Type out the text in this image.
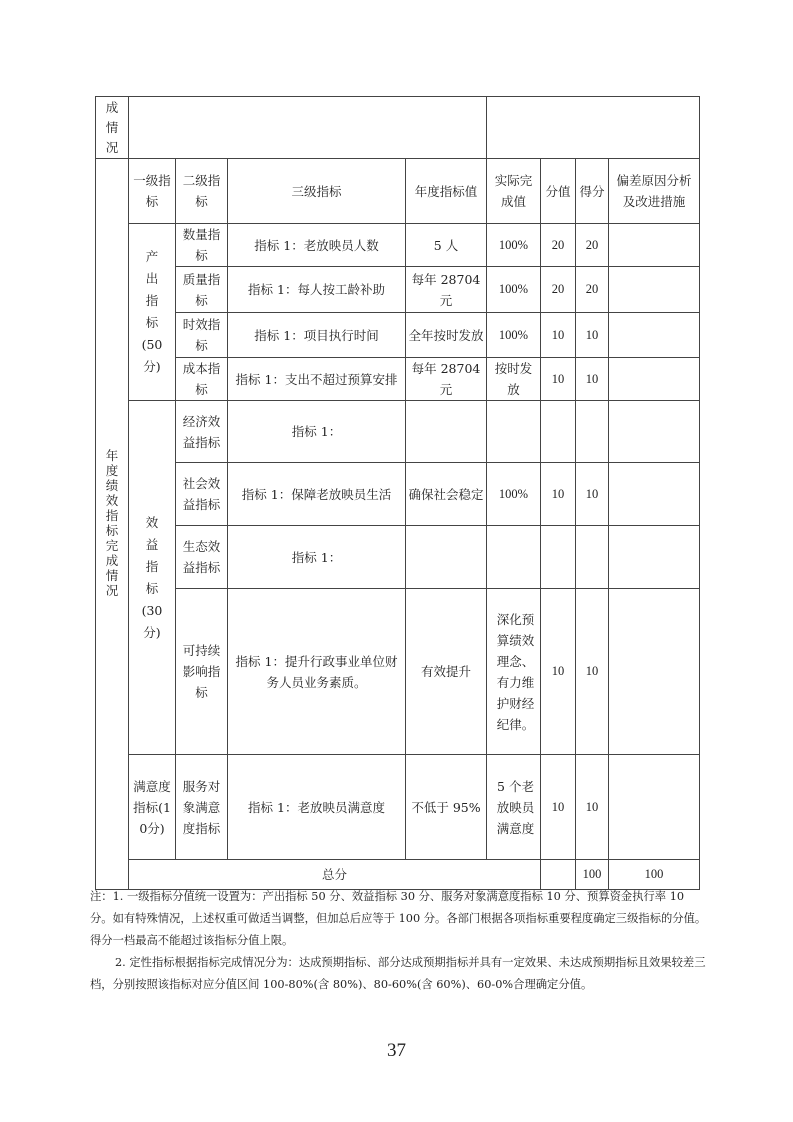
成情况									
年度绩效指标完成情况	一级指标	二级指标	三级指标	年度指标值	实际完成值	分值	得分	偏差原因分析及改进措施	
	产出指标(50分)	数量指标	指标 1：老放映员人数	5 人	100%	20	20		
		质量指标	指标 1：每人按工龄补助	每年 28704元	100%	20	20		
		时效指标	指标 1：项目执行时间	全年按时发放	100%	10	10		
		成本指标	指标 1：支出不超过预算安排	每年 28704元	按时发放	10	10		
	效益指标(30分)	经济效益指标	指标 1：						
		社会效益指标	指标 1：保障老放映员生活	确保社会稳定	100%	10	10		
		生态效益指标	指标 1：						
		可持续影响指标	指标 1：提升行政事业单位财务人员业务素质。	有效提升	深化预算绩效理念、有力维护财经纪律。	10	10		
	满意度指标(10分)	服务对象满意度指标	指标 1：老放映员满意度	不低于 95%	5 个老放映员满意度	10	10		
	总分						100	100	

注：1. 一级指标分值统一设置为：产出指标 50 分、效益指标 30 分、服务对象满意度指标 10 分、预算资金执行率 10 分。如有特殊情况，上述权重可做适当调整，但加总后应等于 100 分。各部门根据各项指标重要程度确定三级指标的分值。得分一档最高不能超过该指标分值上限。

2. 定性指标根据指标完成情况分为：达成预期指标、部分达成预期指标并具有一定效果、未达成预期指标且效果较差三档，分别按照该指标对应分值区间 100-80%(含 80%)、80-60%(含 60%)、60-0%合理确定分值。

37
